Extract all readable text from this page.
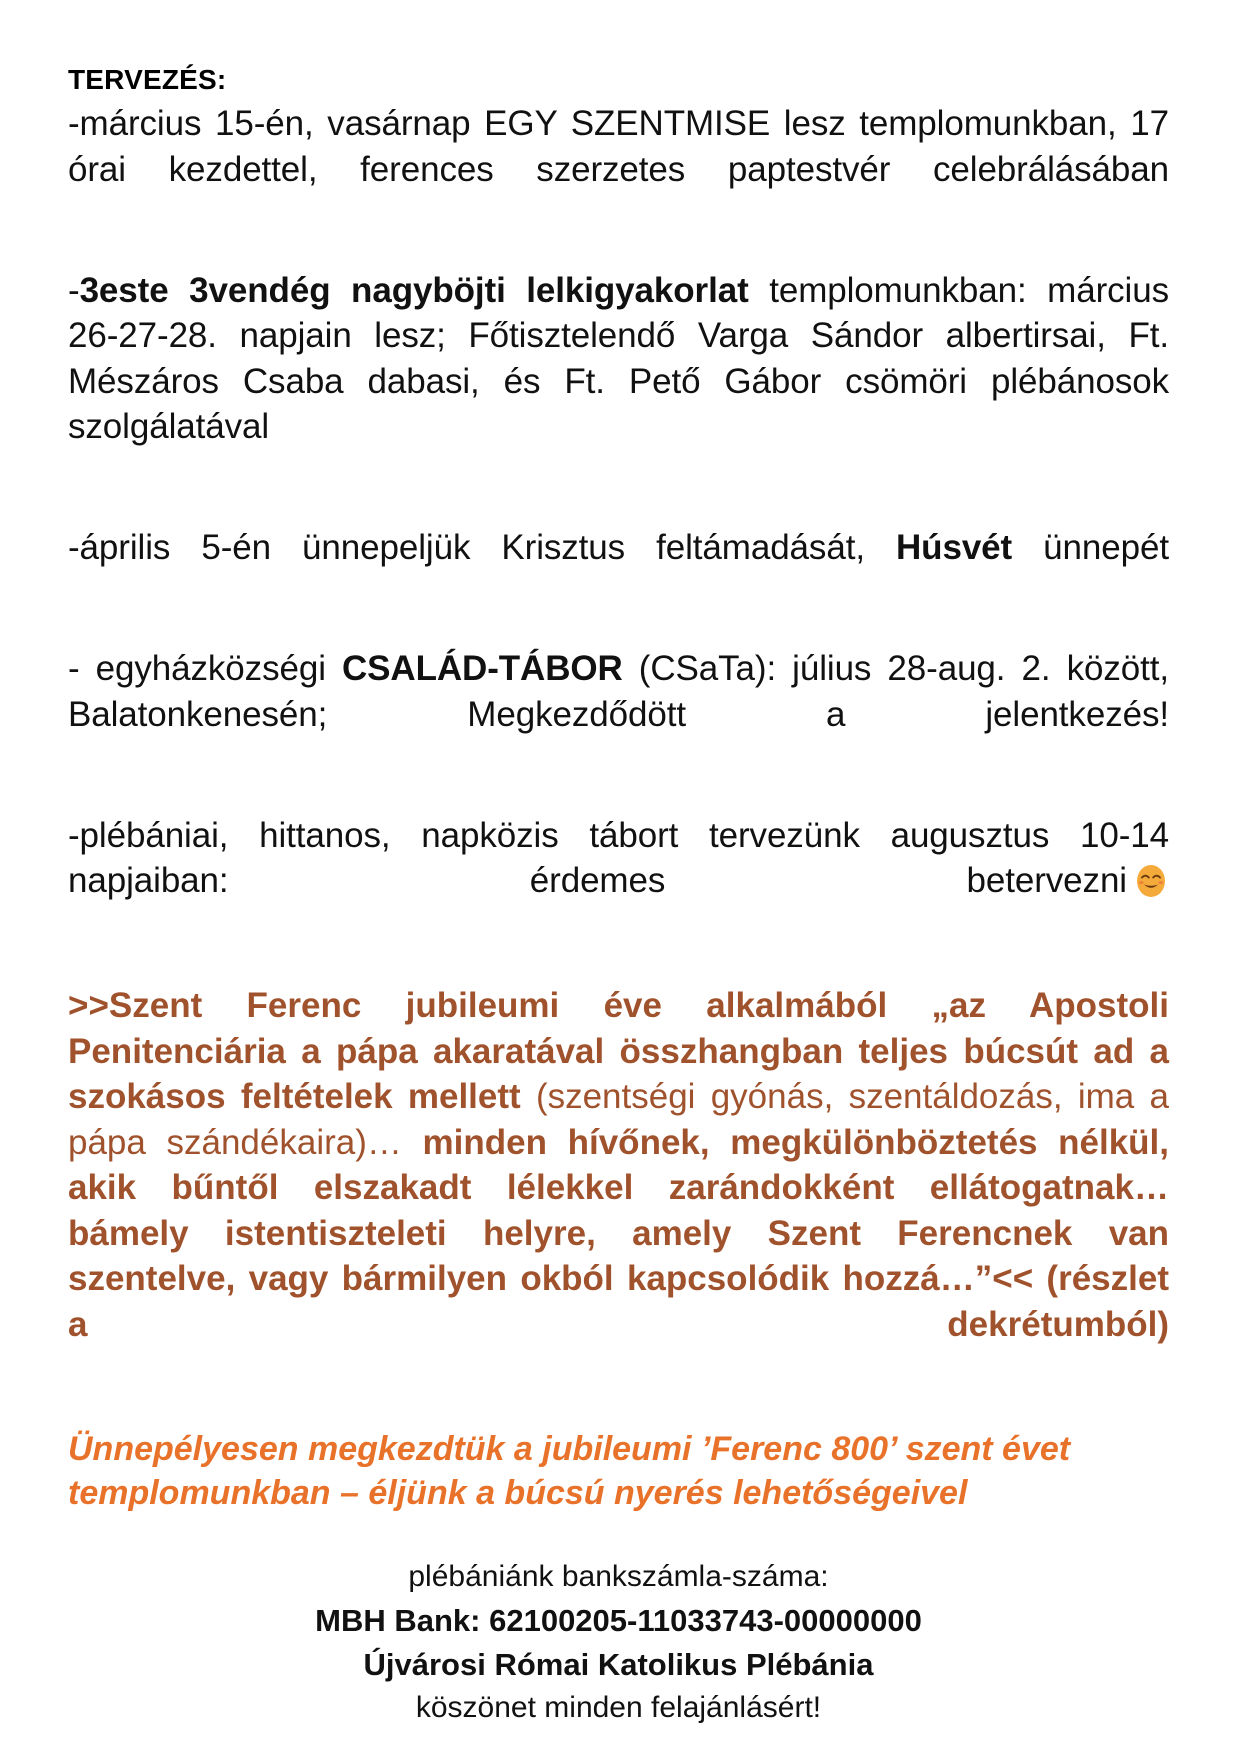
TERVEZÉS:

-március 15-én, vasárnap EGY SZENTMISE lesz templomunkban, 17 órai kezdettel, ferences szerzetes paptestvér celebrálásában

-3este 3vendég nagyböjti lelkigyakorlat templomunkban: március 26-27-28. napjain lesz; Főtisztelendő Varga Sándor albertirsai, Ft. Mészáros Csaba dabasi, és Ft. Pető Gábor csömöri plébánosok szolgálatával

-április 5-én ünnepeljük Krisztus feltámadását, Húsvét ünnepét

- egyházközségi CSALÁD-TÁBOR (CSaTa): július 28-aug. 2. között, Balatonkenesén; Megkezdődött a jelentkezés!

-plébániai, hittanos, napközis tábort tervezünk augusztus 10-14 napjaiban: érdemes betervezni

>>Szent Ferenc jubileumi éve alkalmából „az Apostoli Penitenciária a pápa akaratával összhangban teljes búcsút ad a szokásos feltételek mellett (szentségi gyónás, szentáldozás, ima a pápa szándékaira)… minden hívőnek, megkülönböztetés nélkül, akik bűntől elszakadt lélekkel zarándokként ellátogatnak… bámely istentiszteleti helyre, amely Szent Ferencnek van szentelve, vagy bármilyen okból kapcsolódik hozzá…”<< (részlet a dekrétumból)

Ünnepélyesen megkezdtük a jubileumi ’Ferenc 800’ szent évet
templomunkban – éljünk a búcsú nyerés lehetőségeivel

plébániánk bankszámla-száma:
MBH Bank: 62100205-11033743-00000000
Újvárosi Római Katolikus Plébánia
köszönet minden felajánlásért!
